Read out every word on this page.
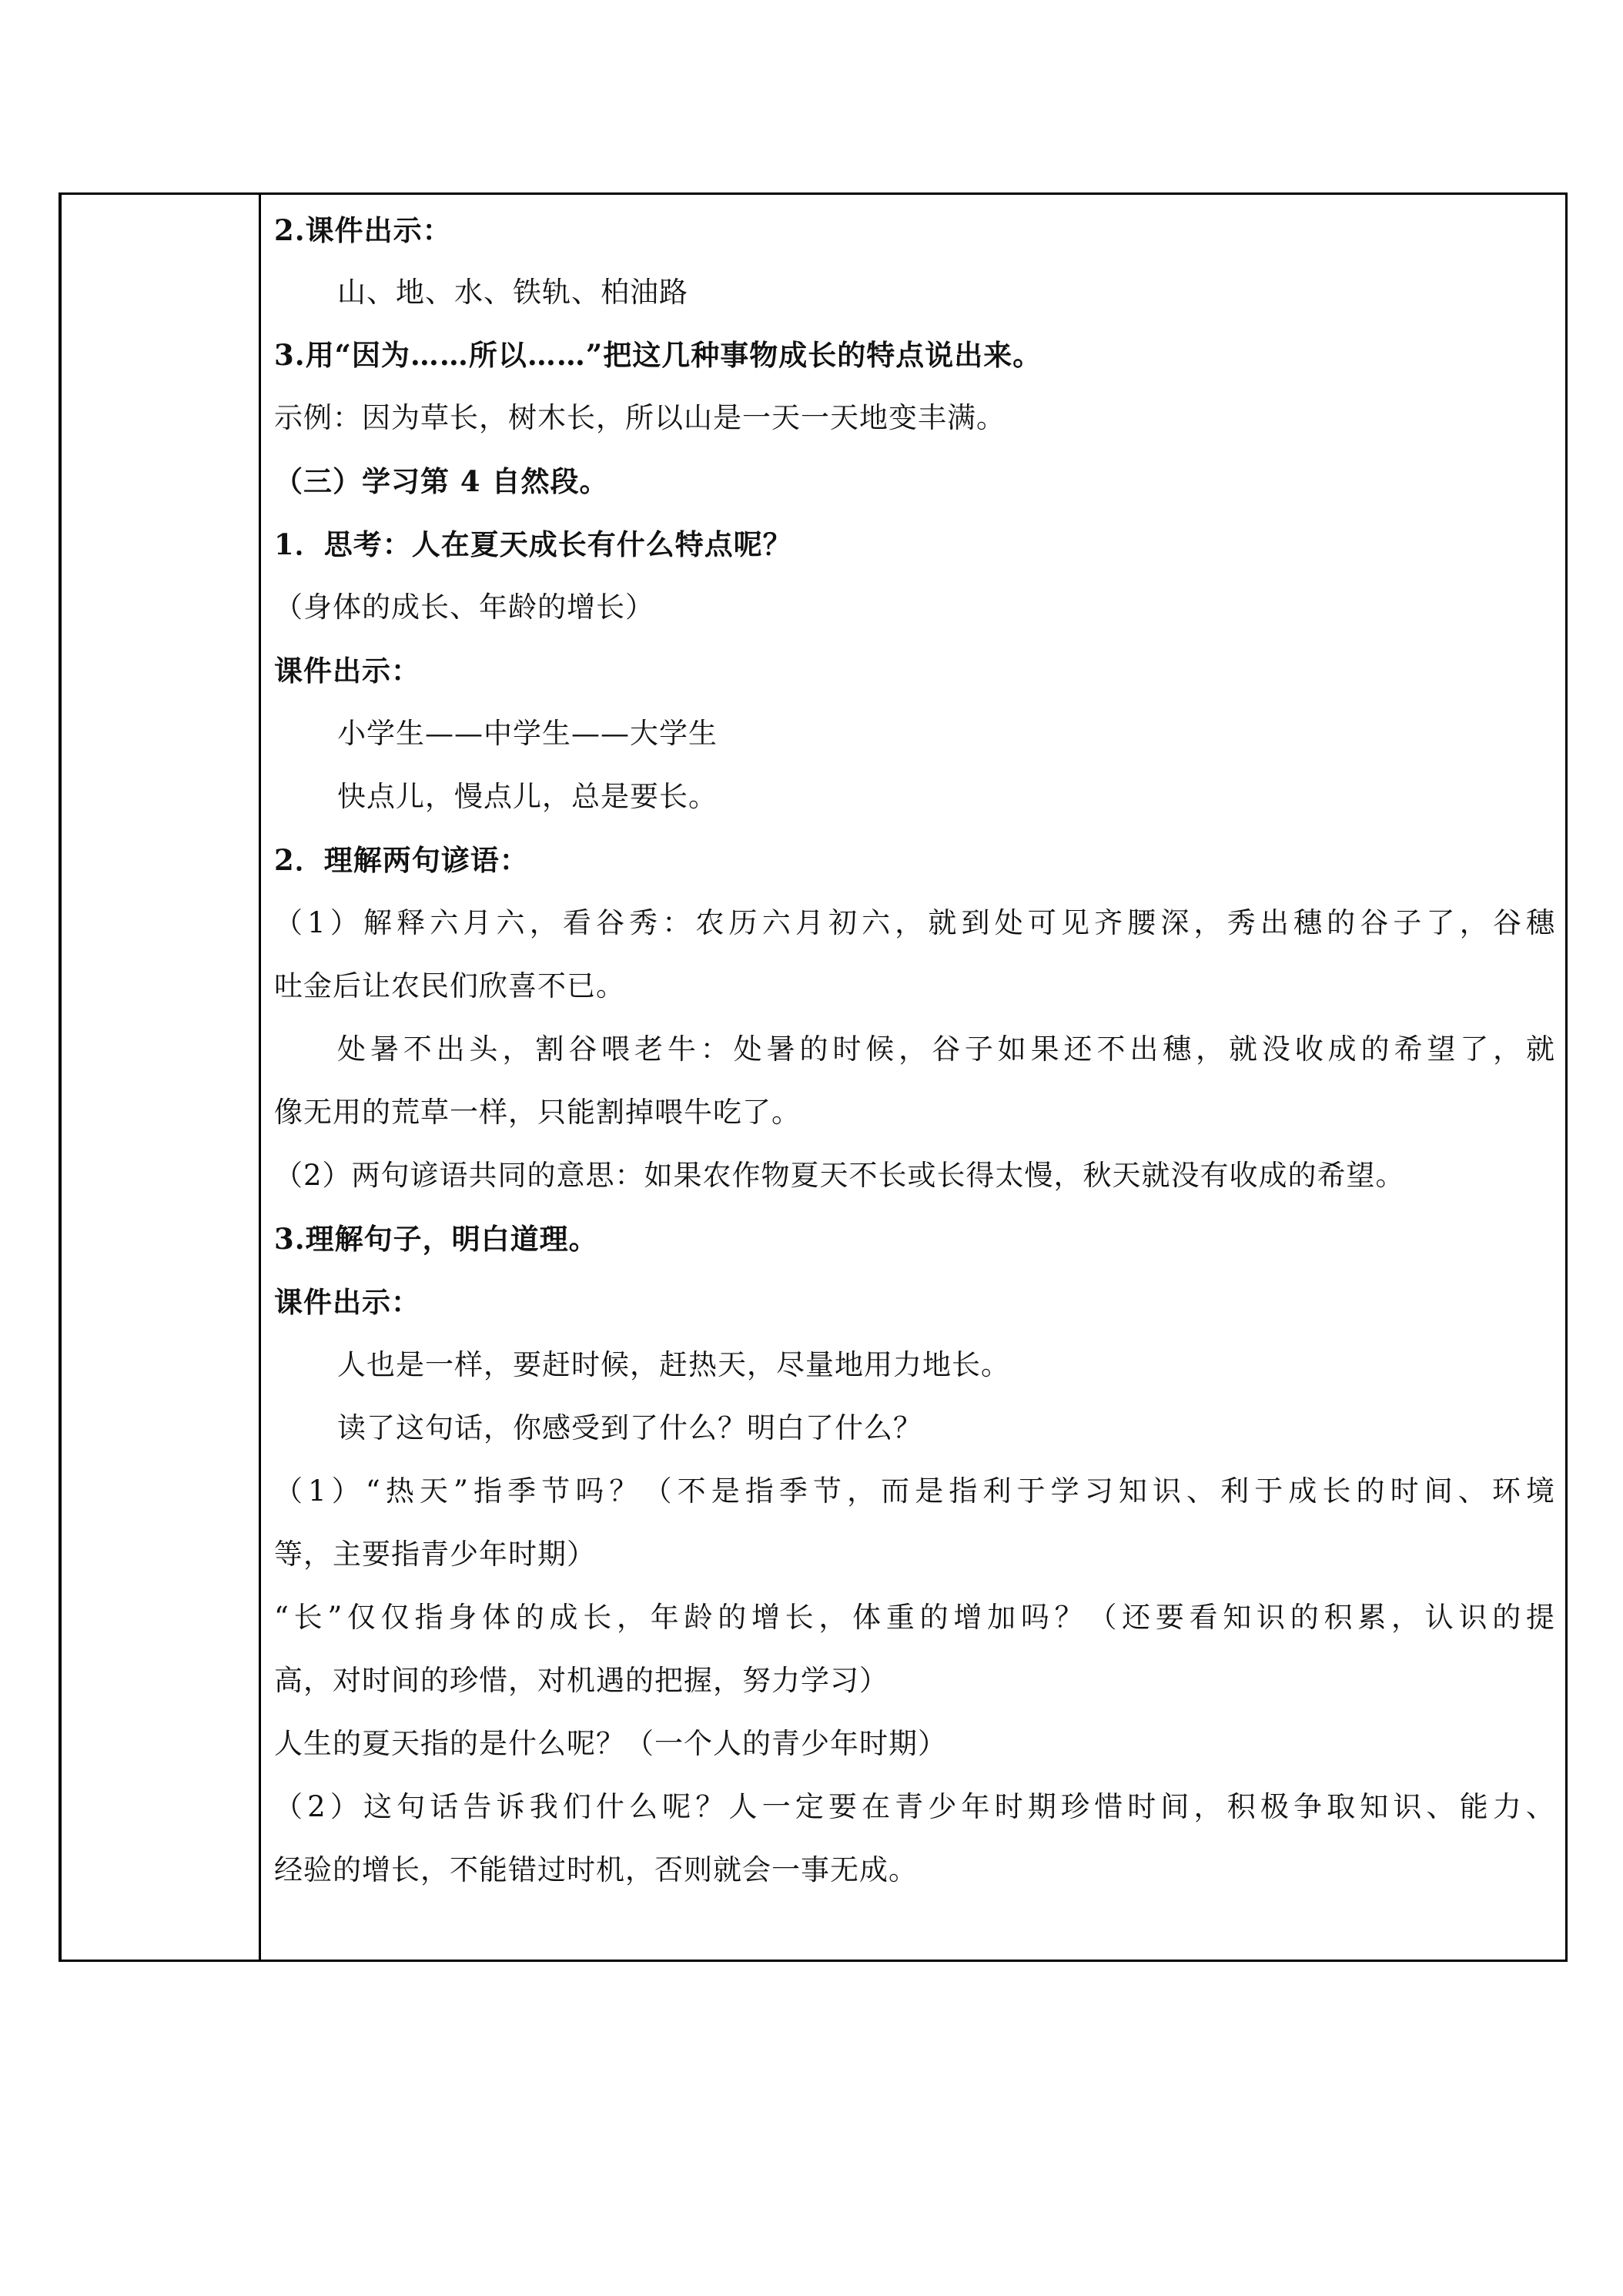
2.课件出示：
山、地、水、铁轨、柏油路
3.用“因为……所以……”把这几种事物成长的特点说出来。
示例：因为草长，树木长，所以山是一天一天地变丰满。
（三）学习第 4 自然段。
1．思考：人在夏天成长有什么特点呢？
（身体的成长、年龄的增长）
课件出示：
小学生——中学生——大学生
快点儿，慢点儿，总是要长。
2．理解两句谚语：
（1）解释六月六，看谷秀：农历六月初六，就到处可见齐腰深，秀出穗的谷子了，谷穗
吐金后让农民们欣喜不已。
处暑不出头，割谷喂老牛：处暑的时候，谷子如果还不出穗，就没收成的希望了，就
像无用的荒草一样，只能割掉喂牛吃了。
（2）两句谚语共同的意思：如果农作物夏天不长或长得太慢，秋天就没有收成的希望。
3.理解句子，明白道理。
课件出示：
人也是一样，要赶时候，赶热天，尽量地用力地长。
读了这句话，你感受到了什么？明白了什么？
（1）“热天”指季节吗？（不是指季节，而是指利于学习知识、利于成长的时间、环境
等，主要指青少年时期）
“长”仅仅指身体的成长，年龄的增长，体重的增加吗？（还要看知识的积累，认识的提
高，对时间的珍惜，对机遇的把握，努力学习）
人生的夏天指的是什么呢？（一个人的青少年时期）
（2）这句话告诉我们什么呢？人一定要在青少年时期珍惜时间，积极争取知识、能力、
经验的增长，不能错过时机，否则就会一事无成。
